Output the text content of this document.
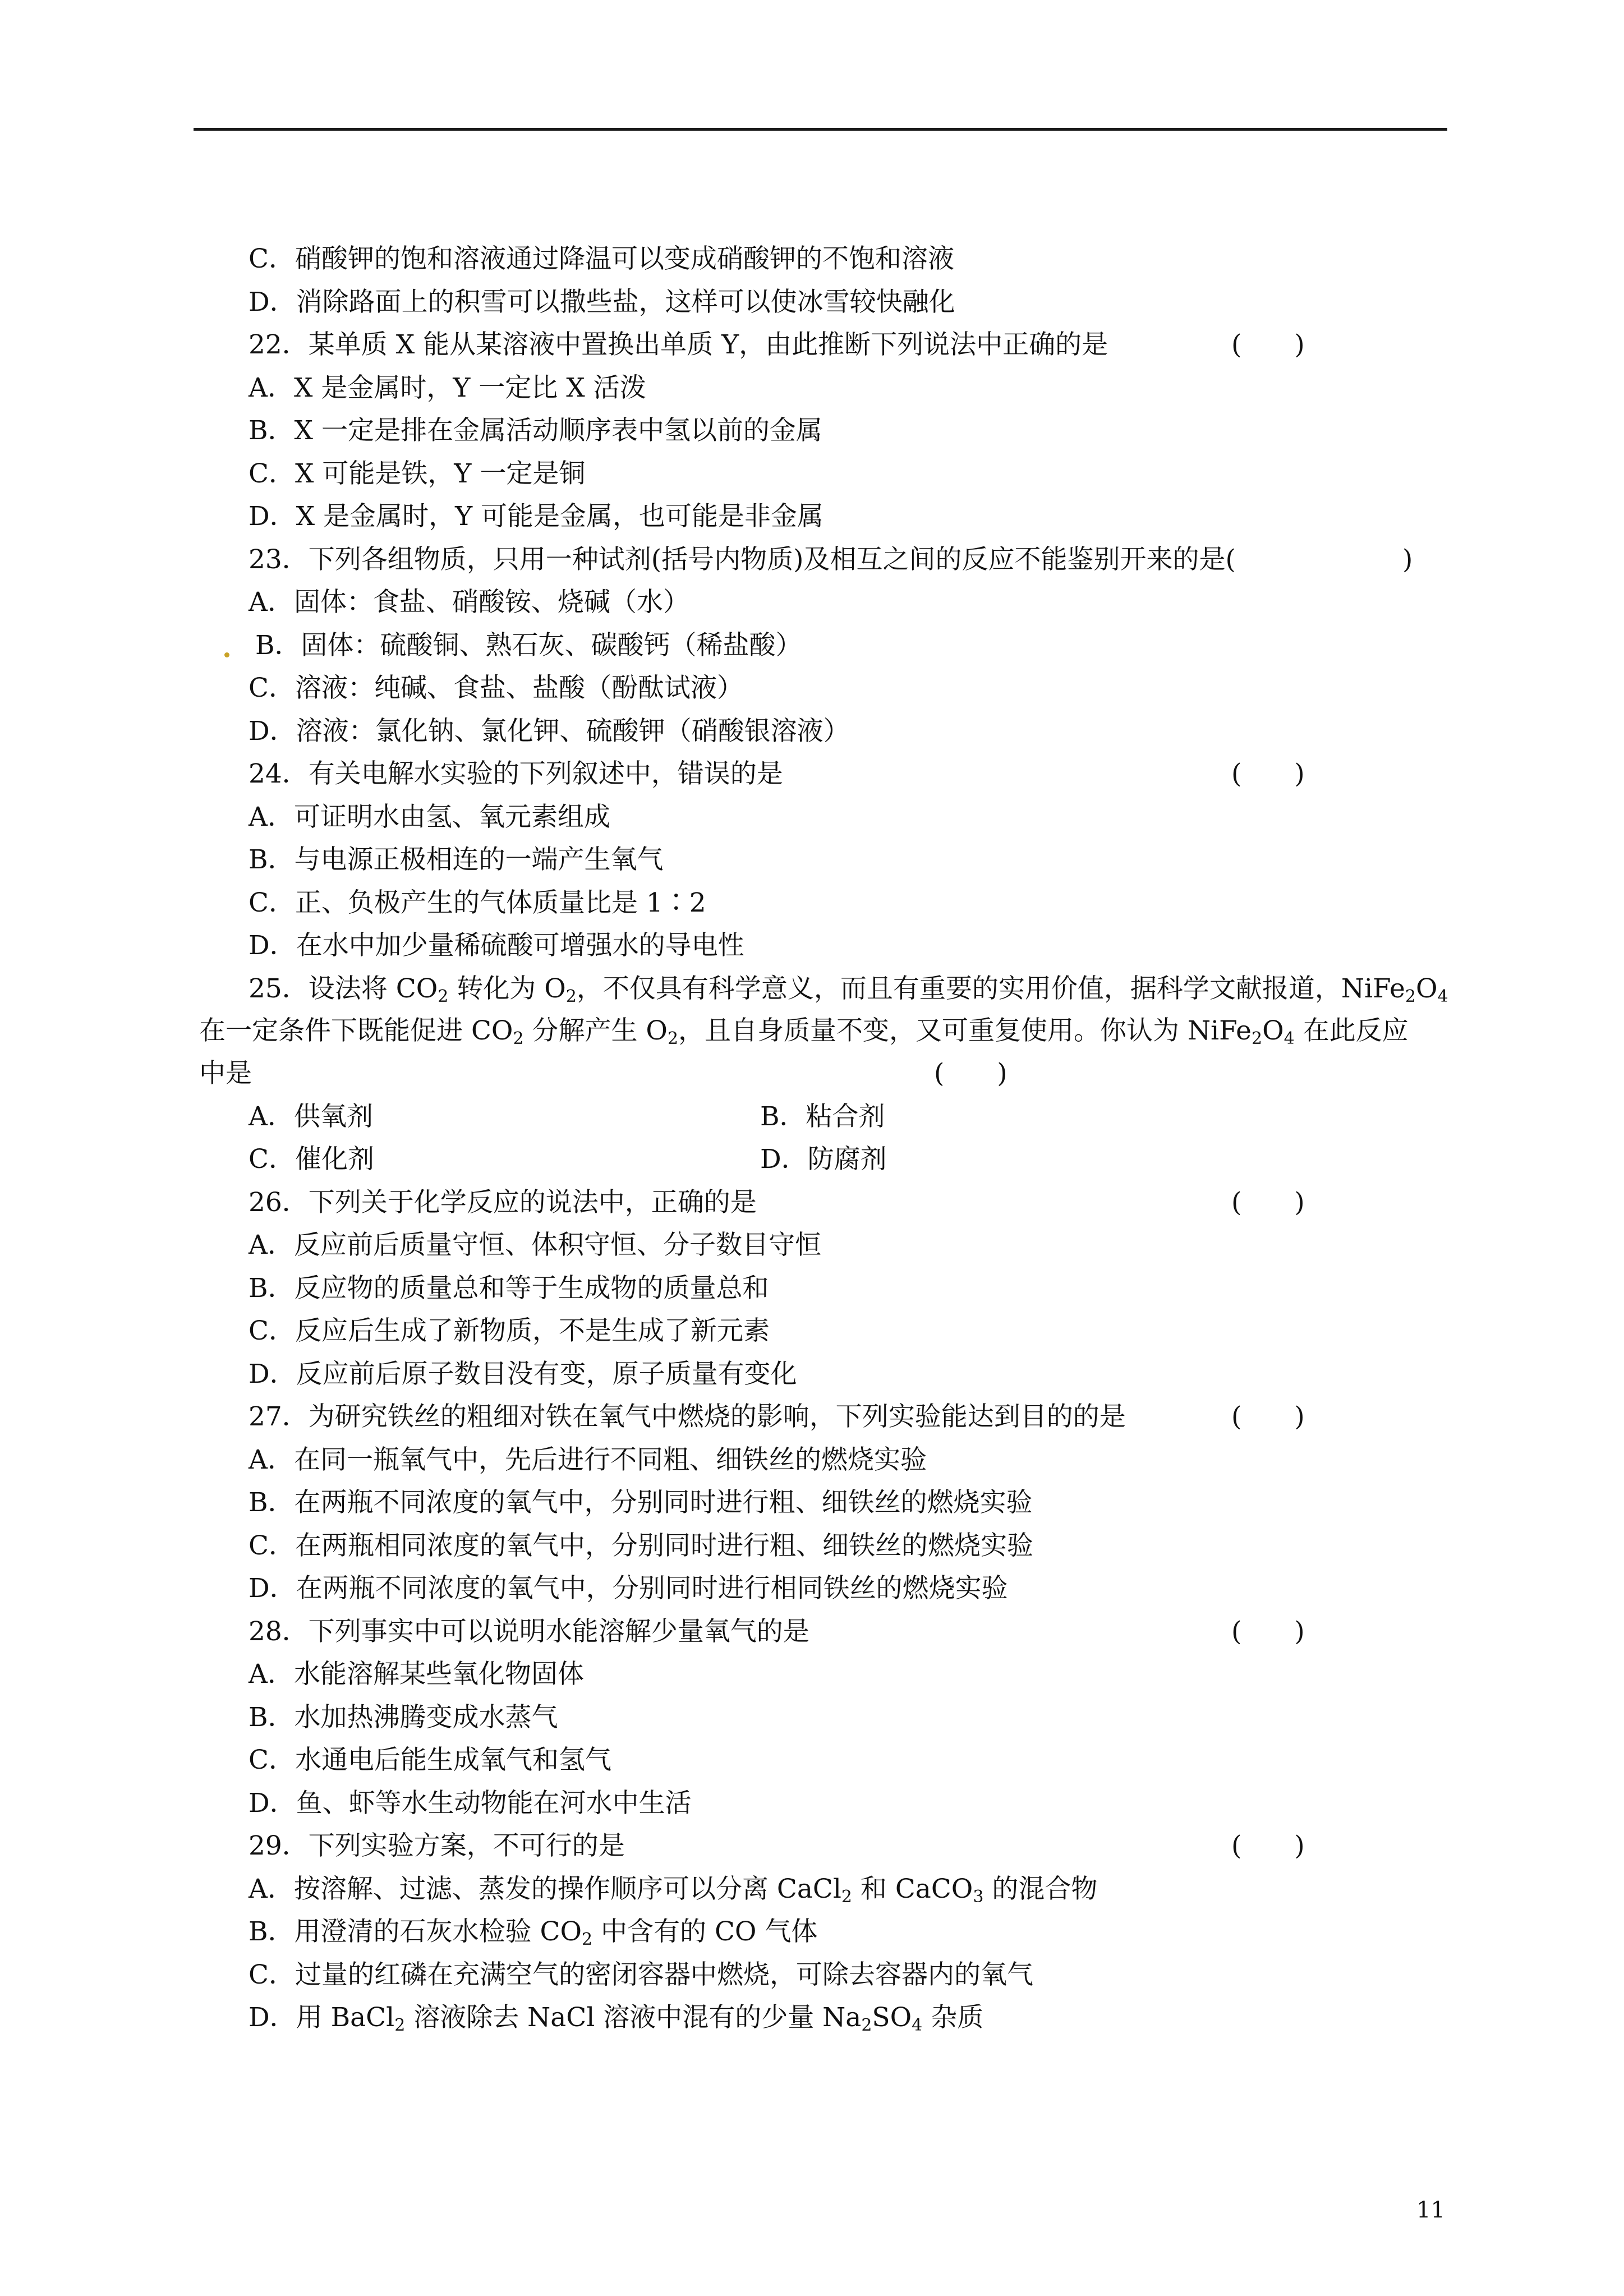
C．硝酸钾的饱和溶液通过降温可以变成硝酸钾的不饱和溶液
D．消除路面上的积雪可以撒些盐，这样可以使冰雪较快融化
22．某单质 X 能从某溶液中置换出单质 Y，由此推断下列说法中正确的是	(　　)
A．X 是金属时，Y 一定比 X 活泼
B．X 一定是排在金属活动顺序表中氢以前的金属
C．X 可能是铁，Y 一定是铜
D．X 是金属时，Y 可能是金属，也可能是非金属
23．下列各组物质，只用一种试剂(括号内物质)及相互之间的反应不能鉴别开来的是(	)
A．固体：食盐、硝酸铵、烧碱（水）
B．固体：硫酸铜、熟石灰、碳酸钙（稀盐酸）
C．溶液：纯碱、食盐、盐酸（酚酞试液）
D．溶液：氯化钠、氯化钾、硫酸钾（硝酸银溶液）
24．有关电解水实验的下列叙述中，错误的是	(　　)
A．可证明水由氢、氧元素组成
B．与电源正极相连的一端产生氧气
C．正、负极产生的气体质量比是 1∶2
D．在水中加少量稀硫酸可增强水的导电性
25．设法将 $CO_2$ 转化为 $O_2$，不仅具有科学意义，而且有重要的实用价值，据科学文献报道，$NiFe_2O_4$
在一定条件下既能促进 $CO_2$ 分解产生 $O_2$，且自身质量不变，又可重复使用。你认为 $NiFe_2O_4$ 在此反应
中是	(　　)
A．供氧剂	B．粘合剂
C．催化剂	D．防腐剂
26．下列关于化学反应的说法中，正确的是	(　　)
A．反应前后质量守恒、体积守恒、分子数目守恒
B．反应物的质量总和等于生成物的质量总和
C．反应后生成了新物质，不是生成了新元素
D．反应前后原子数目没有变，原子质量有变化
27．为研究铁丝的粗细对铁在氧气中燃烧的影响，下列实验能达到目的的是	(　　)
A．在同一瓶氧气中，先后进行不同粗、细铁丝的燃烧实验
B．在两瓶不同浓度的氧气中，分别同时进行粗、细铁丝的燃烧实验
C．在两瓶相同浓度的氧气中，分别同时进行粗、细铁丝的燃烧实验
D．在两瓶不同浓度的氧气中，分别同时进行相同铁丝的燃烧实验
28．下列事实中可以说明水能溶解少量氧气的是	(　　)
A．水能溶解某些氧化物固体
B．水加热沸腾变成水蒸气
C．水通电后能生成氧气和氢气
D．鱼、虾等水生动物能在河水中生活
29．下列实验方案，不可行的是	(　　)
A．按溶解、过滤、蒸发的操作顺序可以分离 CaCl$_2$ 和 CaCO$_3$ 的混合物
B．用澄清的石灰水检验 $CO_2$ 中含有的 CO 气体
C．过量的红磷在充满空气的密闭容器中燃烧，可除去容器内的氧气
D．用 BaCl$_2$ 溶液除去 NaCl 溶液中混有的少量 $Na_2SO_4$ 杂质
11
